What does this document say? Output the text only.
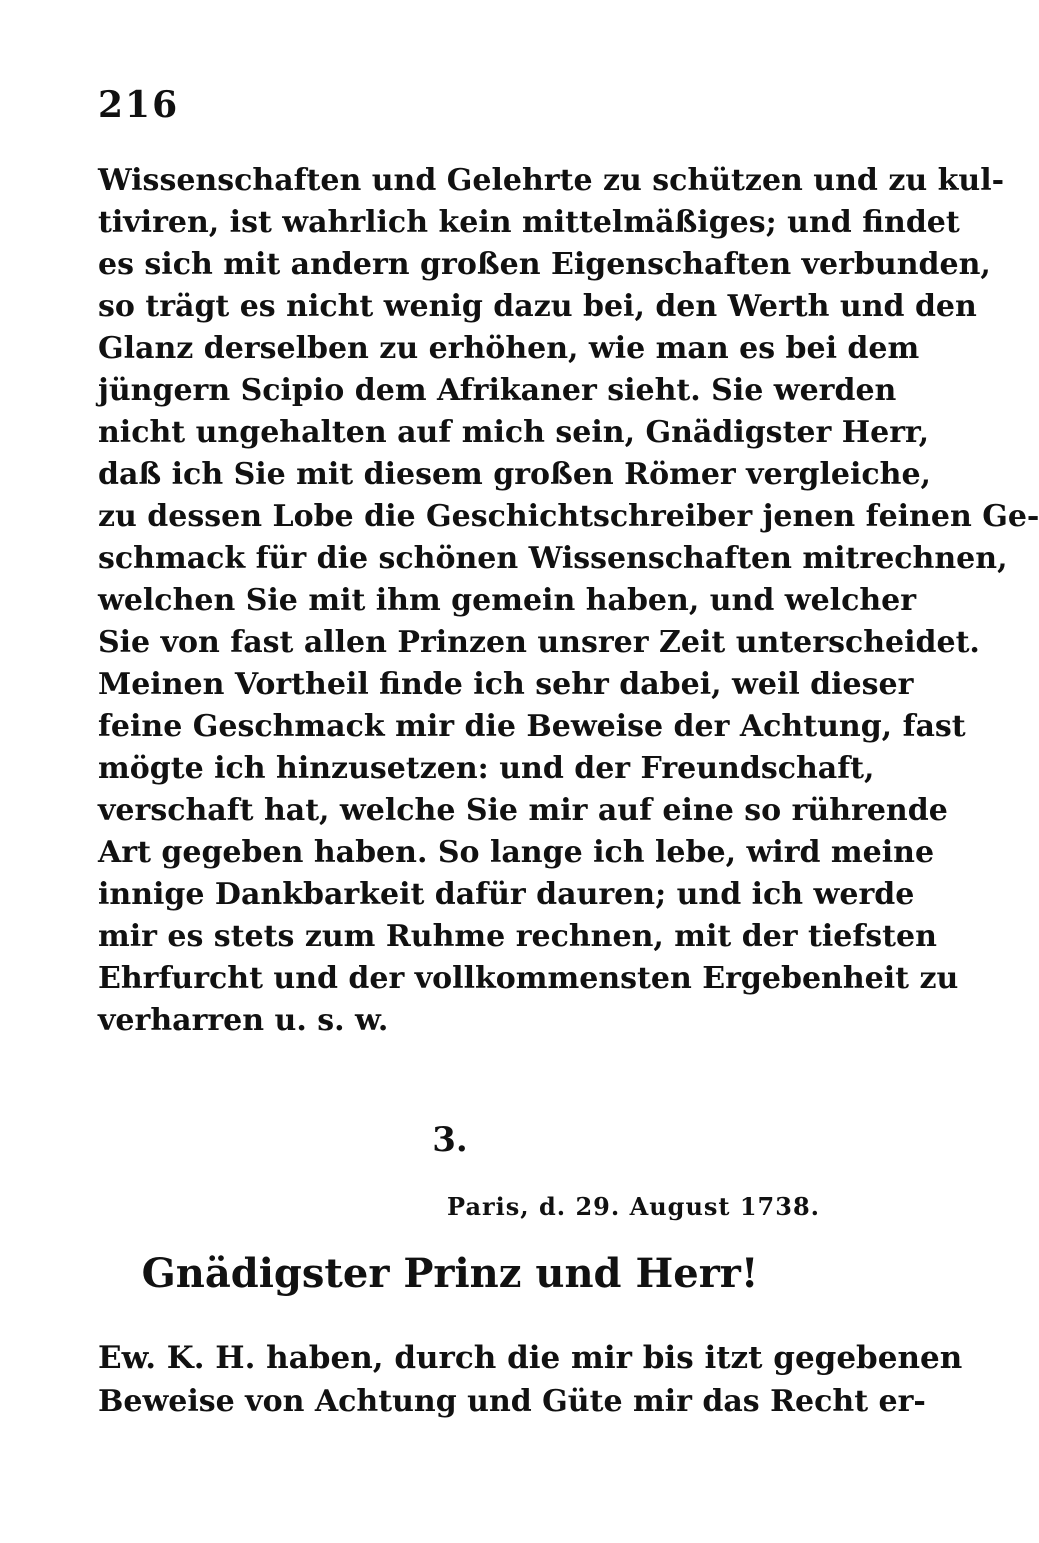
216
Wissenschaften und Gelehrte zu schützen und zu kul-
tiviren, ist wahrlich kein mittelmäßiges; und findet
es sich mit andern großen Eigenschaften verbunden,
so trägt es nicht wenig dazu bei, den Werth und den
Glanz derselben zu erhöhen, wie man es bei dem
jüngern Scipio dem Afrikaner sieht. Sie werden
nicht ungehalten auf mich sein, Gnädigster Herr,
daß ich Sie mit diesem großen Römer vergleiche,
zu dessen Lobe die Geschichtschreiber jenen feinen Ge-
schmack für die schönen Wissenschaften mitrechnen,
welchen Sie mit ihm gemein haben, und welcher
Sie von fast allen Prinzen unsrer Zeit unterscheidet.
Meinen Vortheil finde ich sehr dabei, weil dieser
feine Geschmack mir die Beweise der Achtung, fast
mögte ich hinzusetzen: und der Freundschaft,
verschaft hat, welche Sie mir auf eine so rührende
Art gegeben haben. So lange ich lebe, wird meine
innige Dankbarkeit dafür dauren; und ich werde
mir es stets zum Ruhme rechnen, mit der tiefsten
Ehrfurcht und der vollkommensten Ergebenheit zu
verharren u. s. w.
3.
Paris, d. 29. August 1738.
Gnädigster Prinz und Herr!
Ew. K. H. haben, durch die mir bis itzt gegebenen
Beweise von Achtung und Güte mir das Recht er-
